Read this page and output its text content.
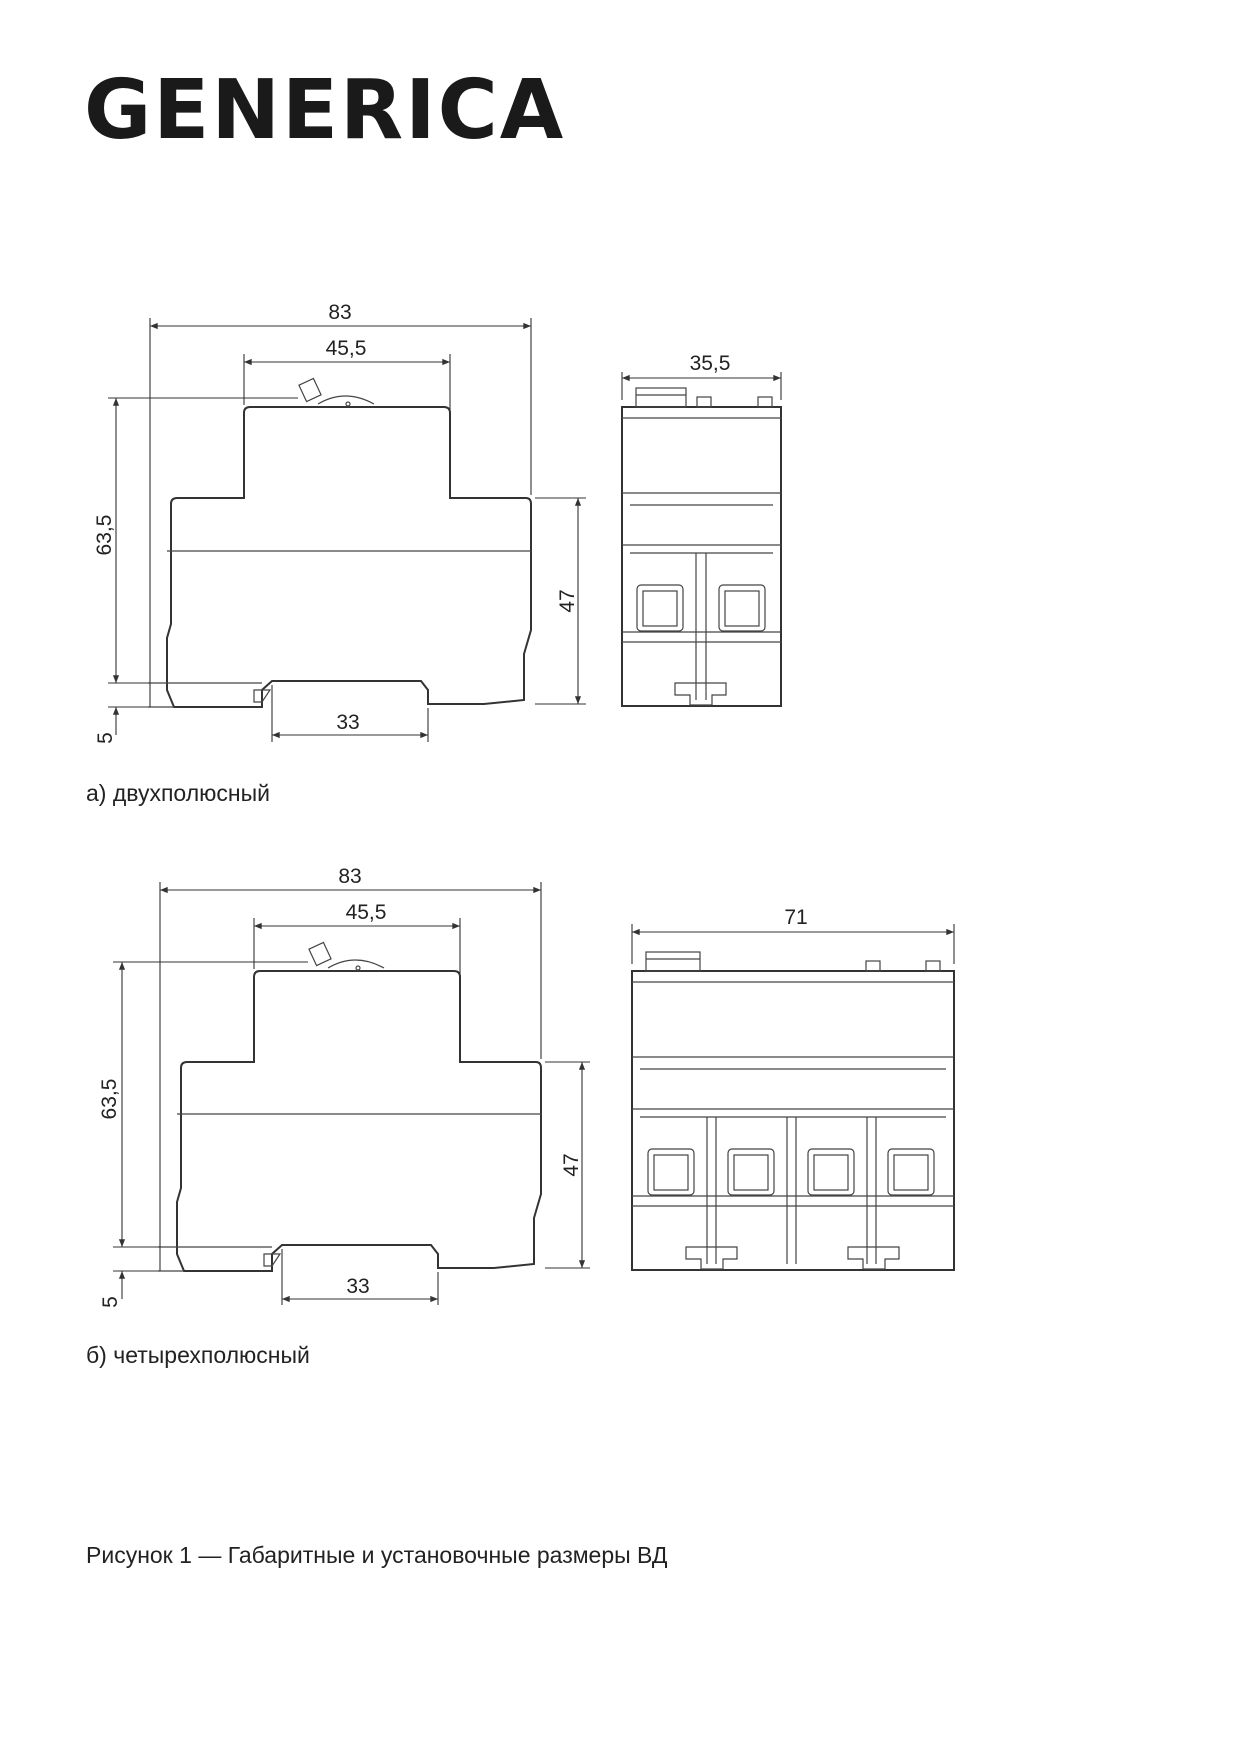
GENERICA
83
45,5
63,5
47
5
33
35,5
83
45,5
63,5
47
5
33
71
а) двухполюсный
б) четырехполюсный
Рисунок 1 — Габаритные и установочные размеры ВД
